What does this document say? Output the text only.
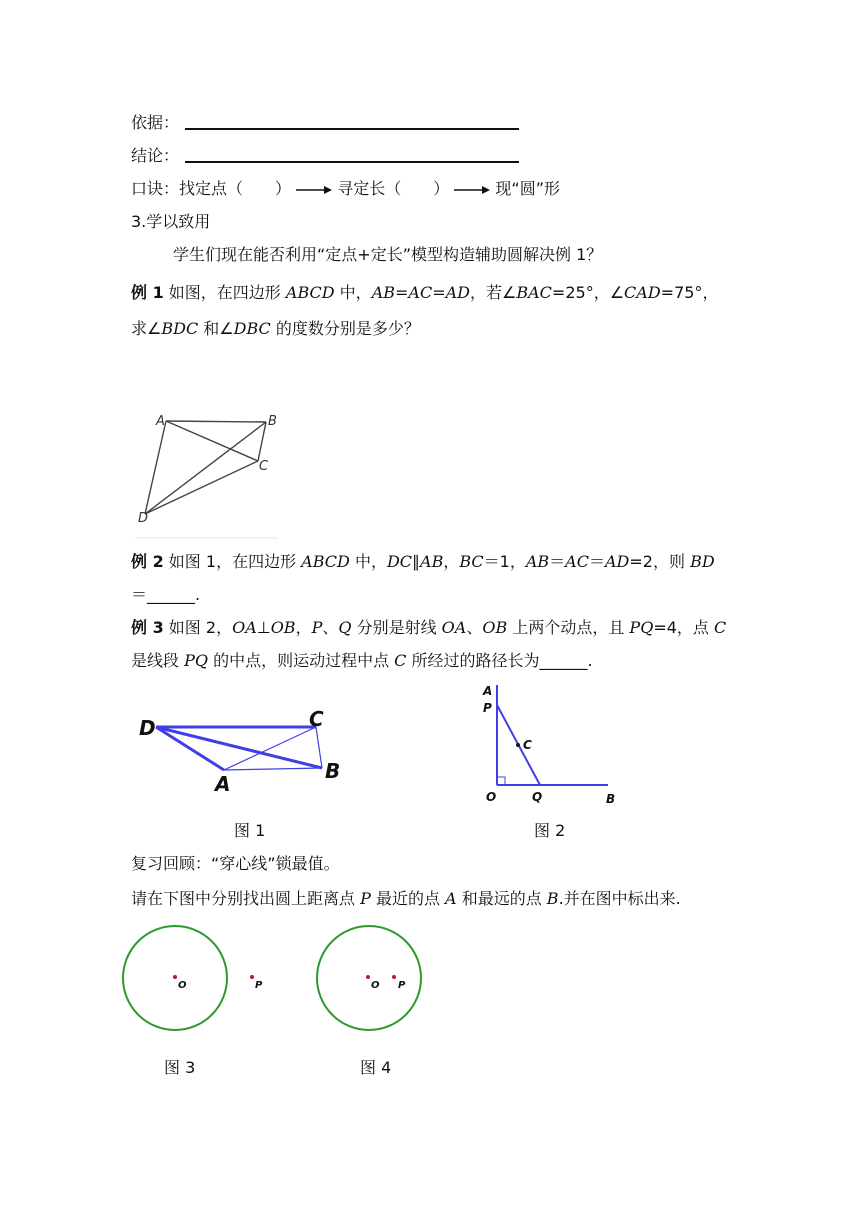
依据：
结论：
口诀：找定点（　　）	寻定长（　　）	现“圆”形
3.学以致用
学生们现在能否利用“定点+定长”模型构造辅助圆解决例 1？
例 1 如图，在四边形 ABCD 中，AB=AC=AD，若∠BAC=25°，∠CAD=75°，
求∠BDC 和∠DBC 的度数分别是多少？
A	B
C
D
例 2 如图 1，在四边形 ABCD 中，DC∥AB，BC＝1，AB＝AC＝AD=2，则 BD
＝______.
例 3 如图 2，OA⊥OB，P、Q 分别是射线 OA、OB 上两个动点，且 PQ=4，点 C
是线段 PQ 的中点，则运动过程中点 C 所经过的路径长为______.
D	C
A
B
图 1
A
P
C
O	Q	B
图 2
复习回顾：“穿心线”锁最值。
请在下图中分别找出圆上距离点 P 最近的点 A 和最远的点 B.并在图中标出来.
O	P
图 3
O P
图 4
